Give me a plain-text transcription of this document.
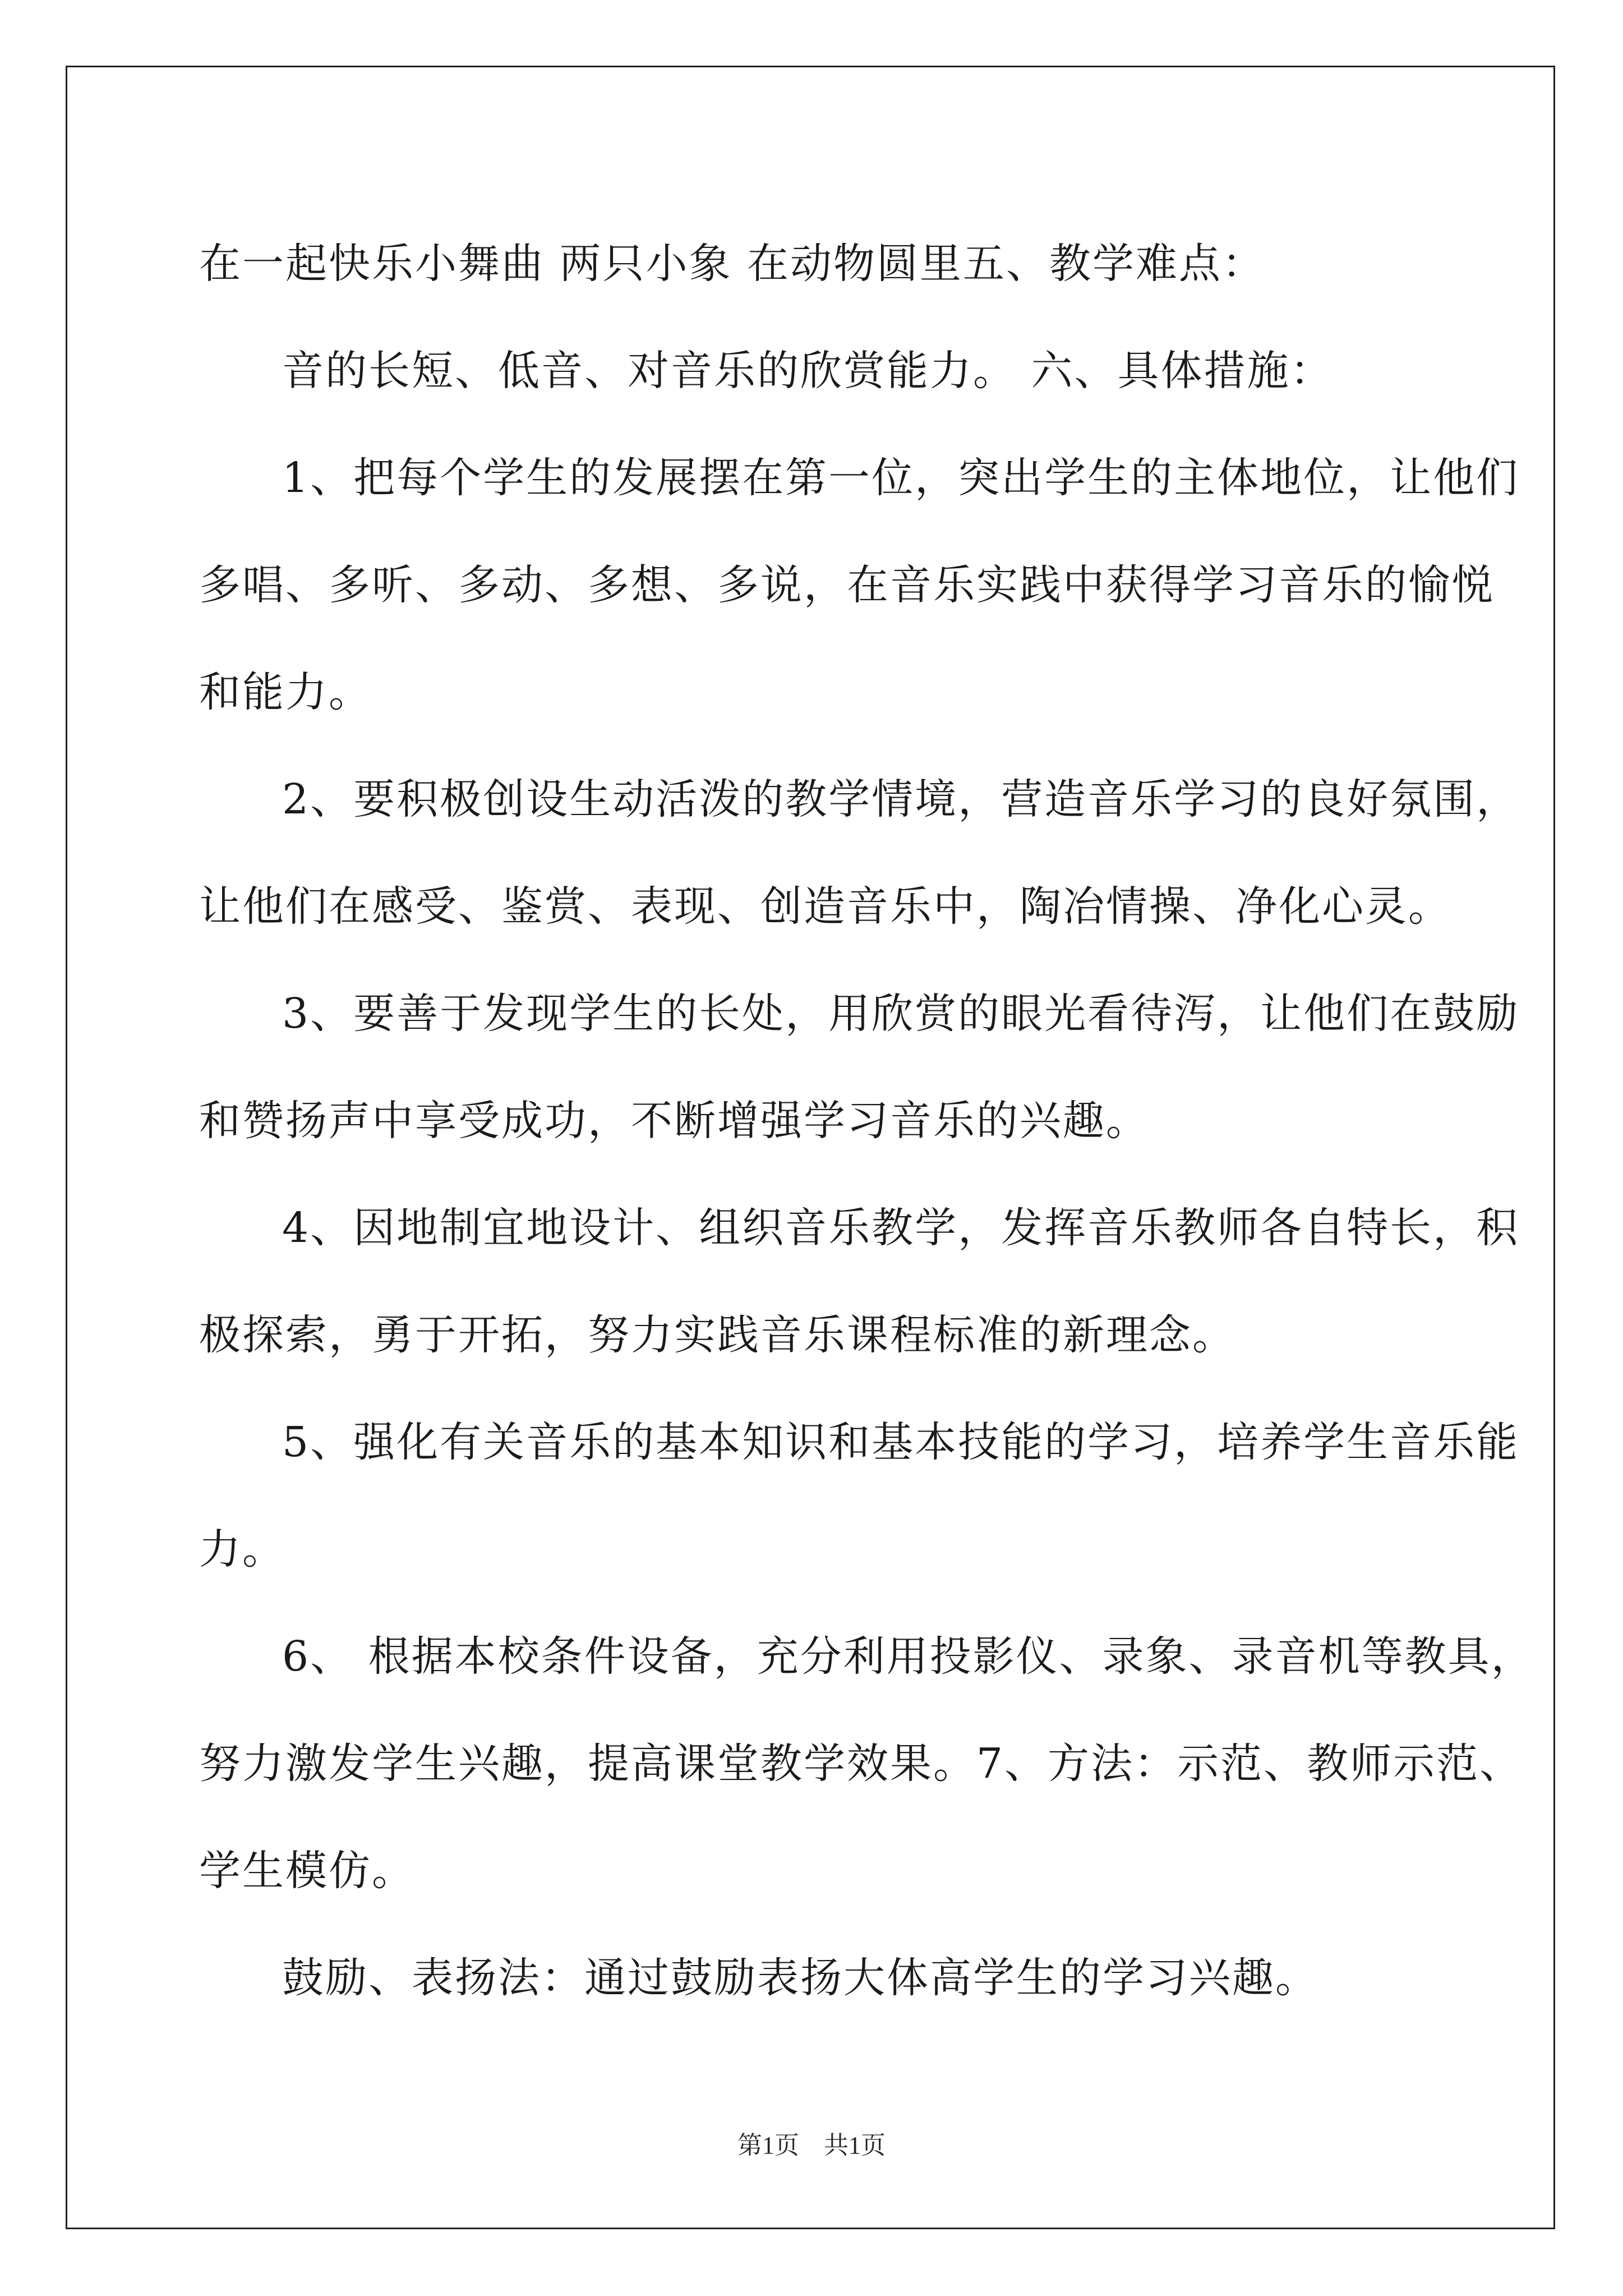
在一起快乐小舞曲 两只小象 在动物圆里五、教学难点：

音的长短、低音、对音乐的欣赏能力。 六、具体措施：

1、把每个学生的发展摆在第一位，突出学生的主体地位，让他们

多唱、多听、多动、多想、多说，在音乐实践中获得学习音乐的愉悦

和能力。

2、要积极创设生动活泼的教学情境，营造音乐学习的良好氛围，

让他们在感受、鉴赏、表现、创造音乐中，陶冶情操、净化心灵。

3、要善于发现学生的长处，用欣赏的眼光看待泻，让他们在鼓励

和赞扬声中享受成功，不断增强学习音乐的兴趣。

4、因地制宜地设计、组织音乐教学，发挥音乐教师各自特长，积

极探索，勇于开拓，努力实践音乐课程标准的新理念。

5、强化有关音乐的基本知识和基本技能的学习，培养学生音乐能

力。

6、 根据本校条件设备，充分利用投影仪、录象、录音机等教具，

努力激发学生兴趣，提高课堂教学效果。7、方法：示范、教师示范、

学生模仿。

鼓励、表扬法：通过鼓励表扬大体高学生的学习兴趣。

第1页　共1页
